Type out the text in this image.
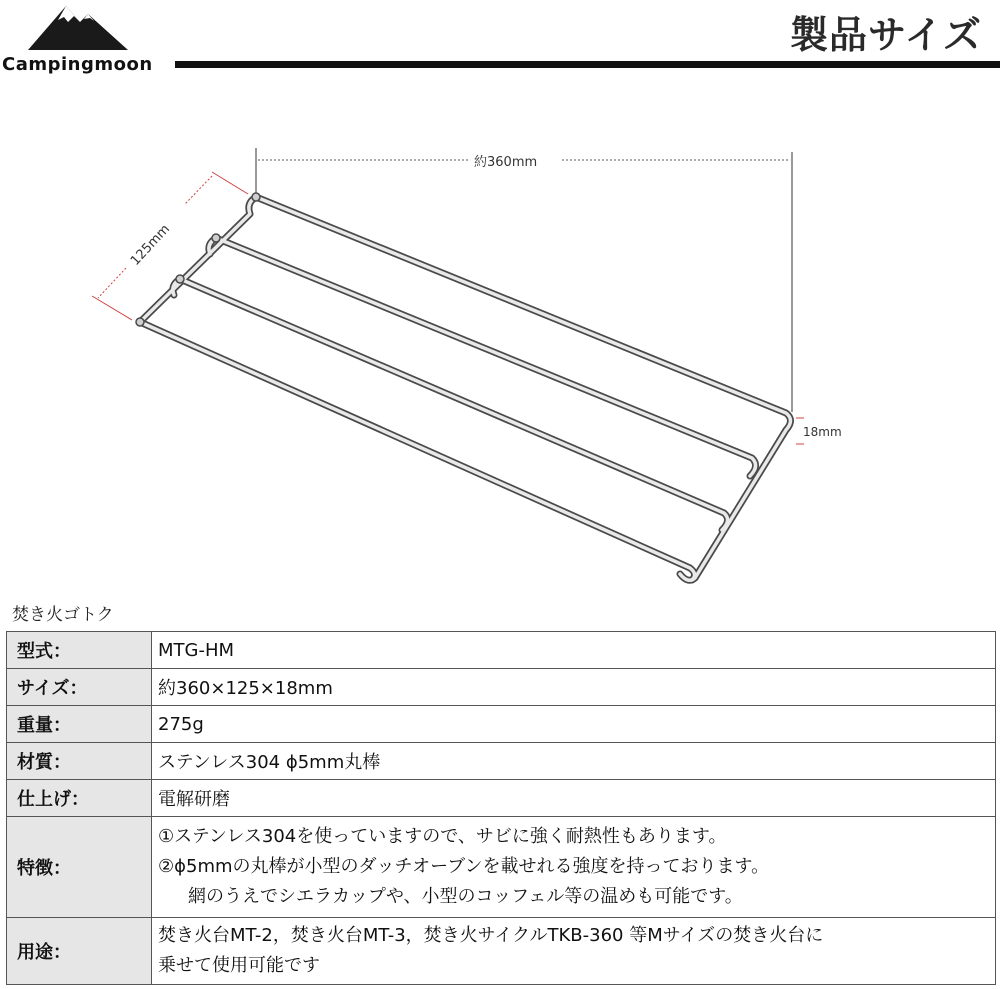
Campingmoon
製品サイズ
約360mm
125mm
18mm
焚き火ゴトク
型式：	MTG-HM
サイズ：	約360×125×18mm
重量：	275g
材質：	ステンレス304 ϕ5mm丸棒
仕上げ：	電解研磨
特徴：	①ステンレス304を使っていますので、サビに強く耐熱性もあります。
②ϕ5mmの丸棒が小型のダッチオーブンを載せれる強度を持っております。
網のうえでシエラカップや、小型のコッフェル等の温めも可能です。

用途：	焚き火台MT-2，焚き火台MT-3，焚き火サイクルTKB-360 等Mサイズの焚き火台に
乗せて使用可能です
